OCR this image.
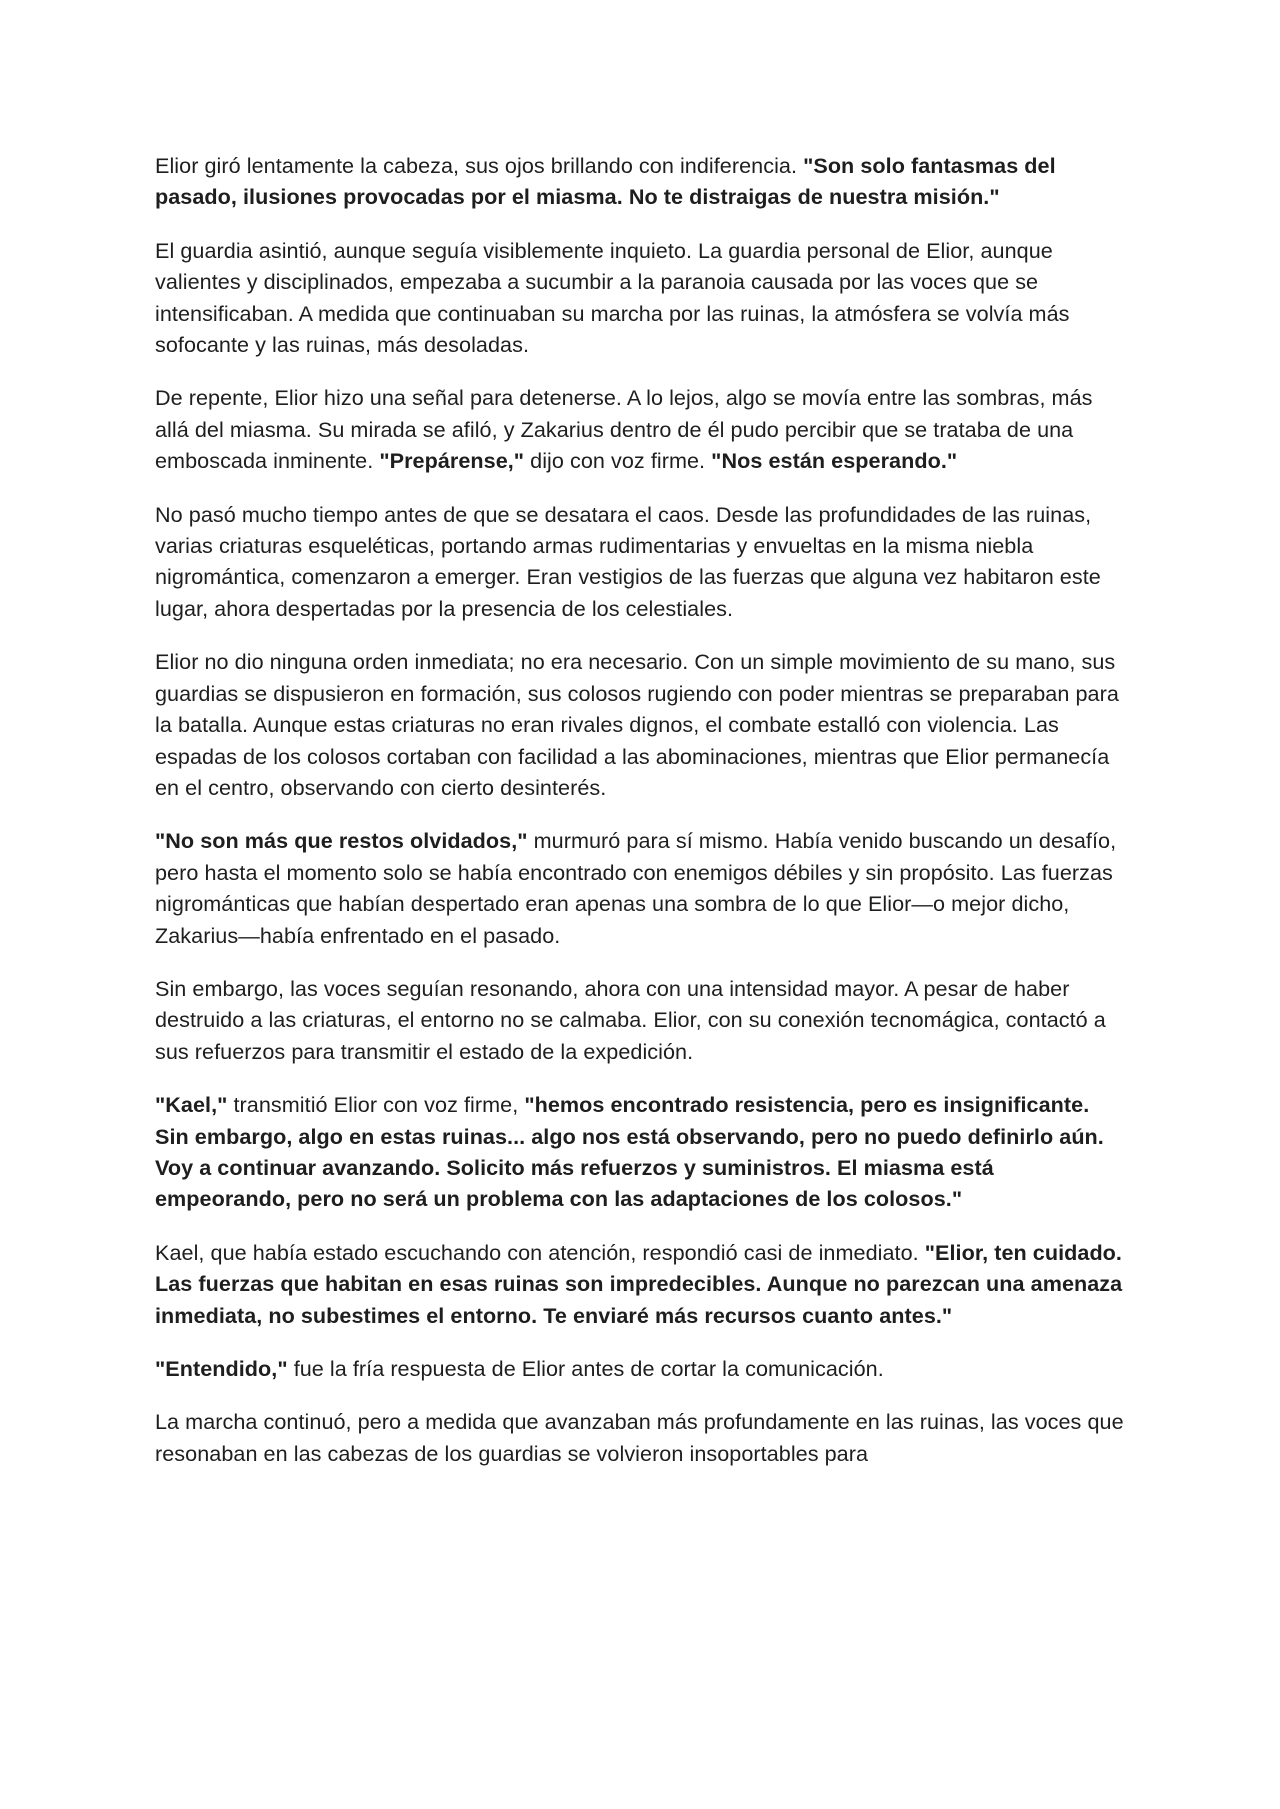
Elior giró lentamente la cabeza, sus ojos brillando con indiferencia. "Son solo fantasmas del pasado, ilusiones provocadas por el miasma. No te distraigas de nuestra misión."

El guardia asintió, aunque seguía visiblemente inquieto. La guardia personal de Elior, aunque valientes y disciplinados, empezaba a sucumbir a la paranoia causada por las voces que se intensificaban. A medida que continuaban su marcha por las ruinas, la atmósfera se volvía más sofocante y las ruinas, más desoladas.

De repente, Elior hizo una señal para detenerse. A lo lejos, algo se movía entre las sombras, más allá del miasma. Su mirada se afiló, y Zakarius dentro de él pudo percibir que se trataba de una emboscada inminente. "Prepárense," dijo con voz firme. "Nos están esperando."

No pasó mucho tiempo antes de que se desatara el caos. Desde las profundidades de las ruinas, varias criaturas esqueléticas, portando armas rudimentarias y envueltas en la misma niebla nigromántica, comenzaron a emerger. Eran vestigios de las fuerzas que alguna vez habitaron este lugar, ahora despertadas por la presencia de los celestiales.

Elior no dio ninguna orden inmediata; no era necesario. Con un simple movimiento de su mano, sus guardias se dispusieron en formación, sus colosos rugiendo con poder mientras se preparaban para la batalla. Aunque estas criaturas no eran rivales dignos, el combate estalló con violencia. Las espadas de los colosos cortaban con facilidad a las abominaciones, mientras que Elior permanecía en el centro, observando con cierto desinterés.

"No son más que restos olvidados," murmuró para sí mismo. Había venido buscando un desafío, pero hasta el momento solo se había encontrado con enemigos débiles y sin propósito. Las fuerzas nigrománticas que habían despertado eran apenas una sombra de lo que Elior—o mejor dicho, Zakarius—había enfrentado en el pasado.

Sin embargo, las voces seguían resonando, ahora con una intensidad mayor. A pesar de haber destruido a las criaturas, el entorno no se calmaba. Elior, con su conexión tecnomágica, contactó a sus refuerzos para transmitir el estado de la expedición.

"Kael," transmitió Elior con voz firme, "hemos encontrado resistencia, pero es insignificante. Sin embargo, algo en estas ruinas... algo nos está observando, pero no puedo definirlo aún. Voy a continuar avanzando. Solicito más refuerzos y suministros. El miasma está empeorando, pero no será un problema con las adaptaciones de los colosos."

Kael, que había estado escuchando con atención, respondió casi de inmediato. "Elior, ten cuidado. Las fuerzas que habitan en esas ruinas son impredecibles. Aunque no parezcan una amenaza inmediata, no subestimes el entorno. Te enviaré más recursos cuanto antes."

"Entendido," fue la fría respuesta de Elior antes de cortar la comunicación.

La marcha continuó, pero a medida que avanzaban más profundamente en las ruinas, las voces que resonaban en las cabezas de los guardias se volvieron insoportables para
